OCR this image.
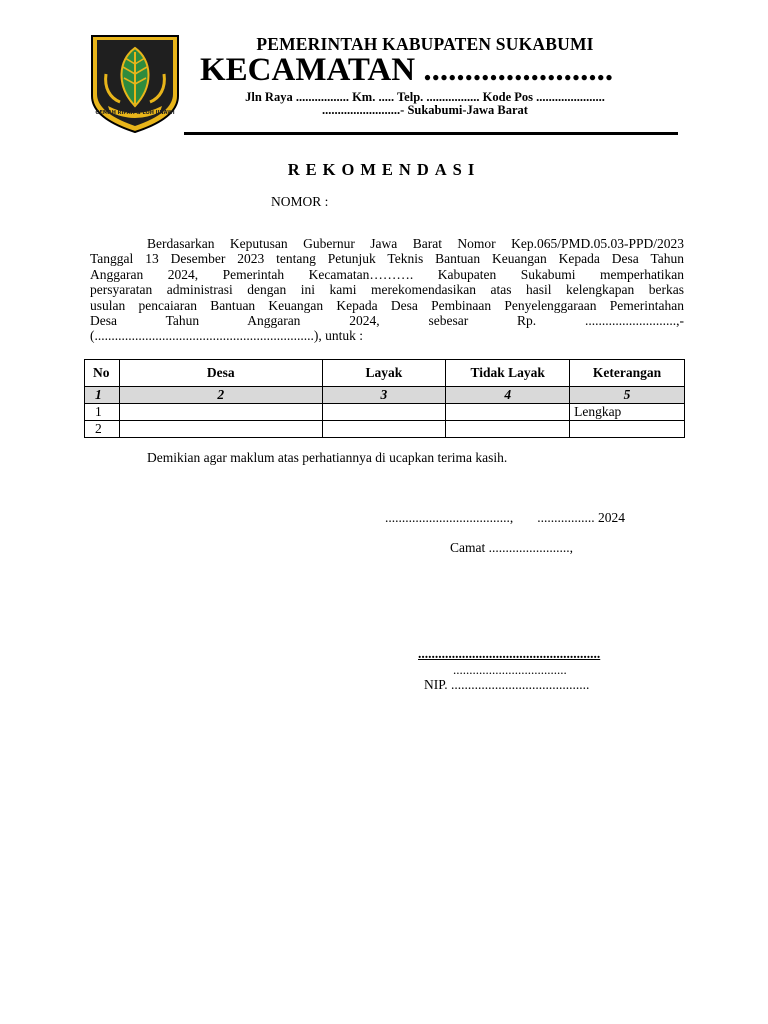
GEMAH RIPAH & LOH JINAWI
PEMERINTAH KABUPATEN SUKABUMI
KECAMATAN .......................
Jln Raya ................. Km. ..... Telp. ................. Kode Pos ......................
.........................- Sukabumi-Jawa Barat
REKOMENDASI
NOMOR :
Berdasarkan Keputusan Gubernur Jawa Barat Nomor Kep.065/PMD.05.03-PPD/2023
Tanggal 13 Desember 2023 tentang Petunjuk Teknis Bantuan Keuangan Kepada Desa Tahun
Anggaran 2024, Pemerintah Kecamatan………. Kabupaten Sukabumi memperhatikan
persyaratan administrasi dengan ini kami merekomendasikan atas hasil kelengkapan berkas
usulan pencaiaran Bantuan Keuangan Kepada Desa Pembinaan Penyelenggaraan Pemerintahan
Desa Tahun Anggaran 2024, sebesar Rp. ...........................,-
(.................................................................), untuk :
No	Desa	Layak	Tidak Layak	Keterangan
1	2	3	4	5
1				Lengkap
2				
Demikian agar maklum atas perhatiannya di ucapkan terima kasih.
....................................., ................. 2024
Camat ........................,
......................................................
...................................
NIP. .........................................
